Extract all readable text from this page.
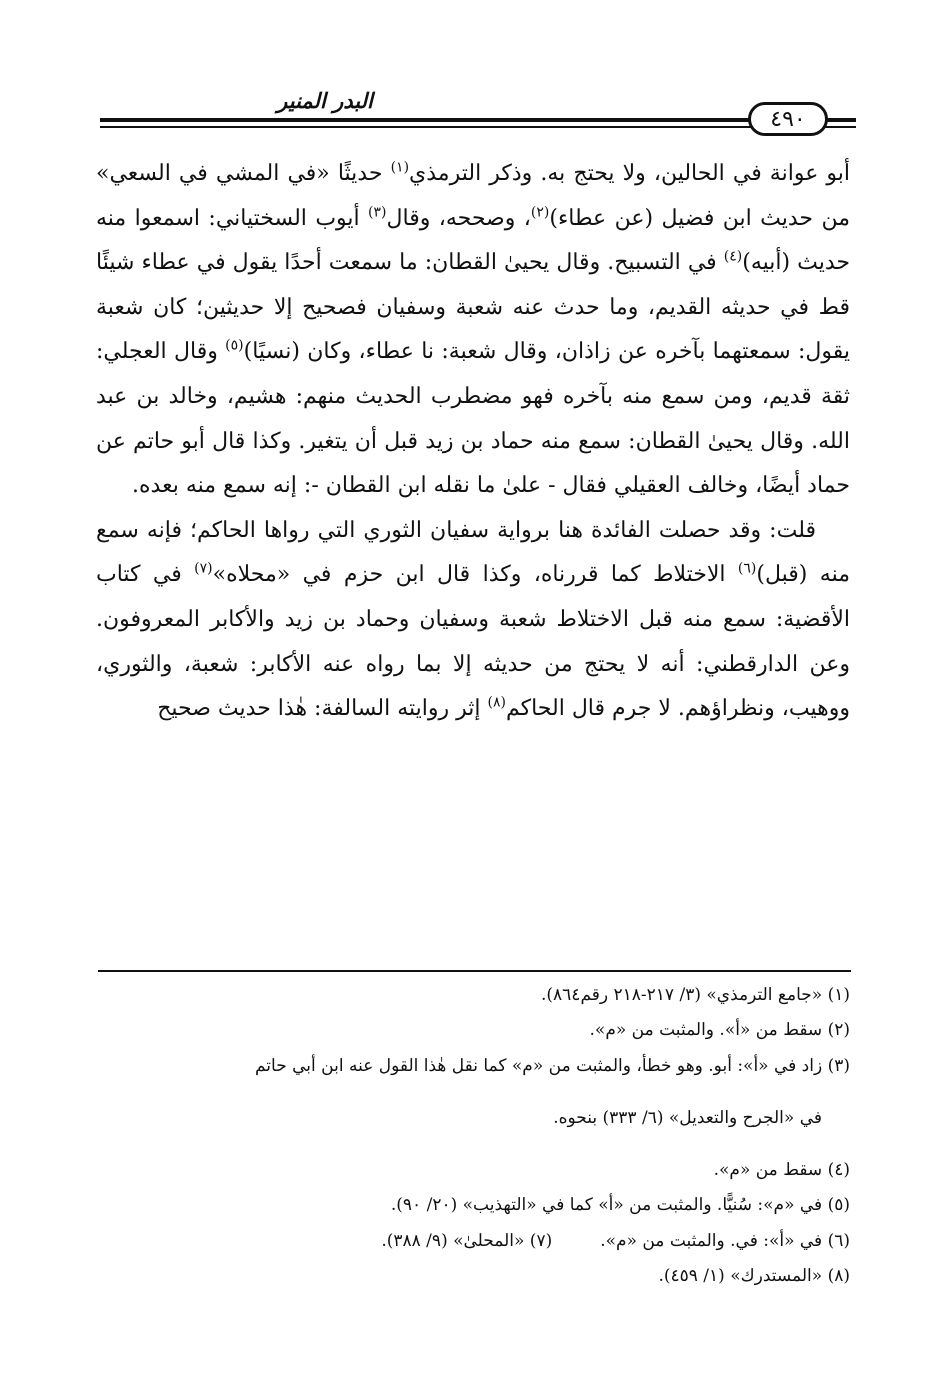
البدر المنير
٤٩٠

أبو عوانة في الحالين، ولا يحتج به. وذكر الترمذي$^{(١)}$ حديثًا «في المشي في السعي» من حديث ابن فضيل (عن عطاء)$^{(٢)}$، وصححه، وقال$^{(٣)}$ أيوب السختياني: اسمعوا منه حديث (أبيه)$^{(٤)}$ في التسبيح. وقال يحيىٰ القطان: ما سمعت أحدًا يقول في عطاء شيئًا قط في حديثه القديم، وما حدث عنه شعبة وسفيان فصحيح إلا حديثين؛ كان شعبة يقول: سمعتهما بآخره عن زاذان، وقال شعبة: نا عطاء، وكان (نسيًا)$^{(٥)}$ وقال العجلي: ثقة قديم، ومن سمع منه بآخره فهو مضطرب الحديث منهم: هشيم، وخالد بن عبد الله. وقال يحيىٰ القطان: سمع منه حماد بن زيد قبل أن يتغير. وكذا قال أبو حاتم عن حماد أيضًا، وخالف العقيلي فقال - علىٰ ما نقله ابن القطان -: إنه سمع منه بعده.

قلت: وقد حصلت الفائدة هنا برواية سفيان الثوري التي رواها الحاكم؛ فإنه سمع منه (قبل)$^{(٦)}$ الاختلاط كما قررناه، وكذا قال ابن حزم في «محلاه»$^{(٧)}$ في كتاب الأقضية: سمع منه قبل الاختلاط شعبة وسفيان وحماد بن زيد والأكابر المعروفون. وعن الدارقطني: أنه لا يحتج من حديثه إلا بما رواه عنه الأكابر: شعبة، والثوري، ووهيب، ونظراؤهم. لا جرم قال الحاكم$^{(٨)}$ إثر روايته السالفة: هٰذا حديث صحيح

(١) «جامع الترمذي» (٣/ ٢١٧-٢١٨ رقم٨٦٤).

(٢) سقط من «أ». والمثبت من «م».

(٣) زاد في «أ»: أبو. وهو خطأ، والمثبت من «م» كما نقل هٰذا القول عنه ابن أبي حاتم

في «الجرح والتعديل» (٦/ ٣٣٣) بنحوه.

(٤) سقط من «م».

(٥) في «م»: سُنيًّا. والمثبت من «أ» كما في «التهذيب» (٢٠/ ٩٠).

(٦) في «أ»: في. والمثبت من «م».(٧) «المحلىٰ» (٩/ ٣٨٨).

(٨) «المستدرك» (١/ ٤٥٩).
